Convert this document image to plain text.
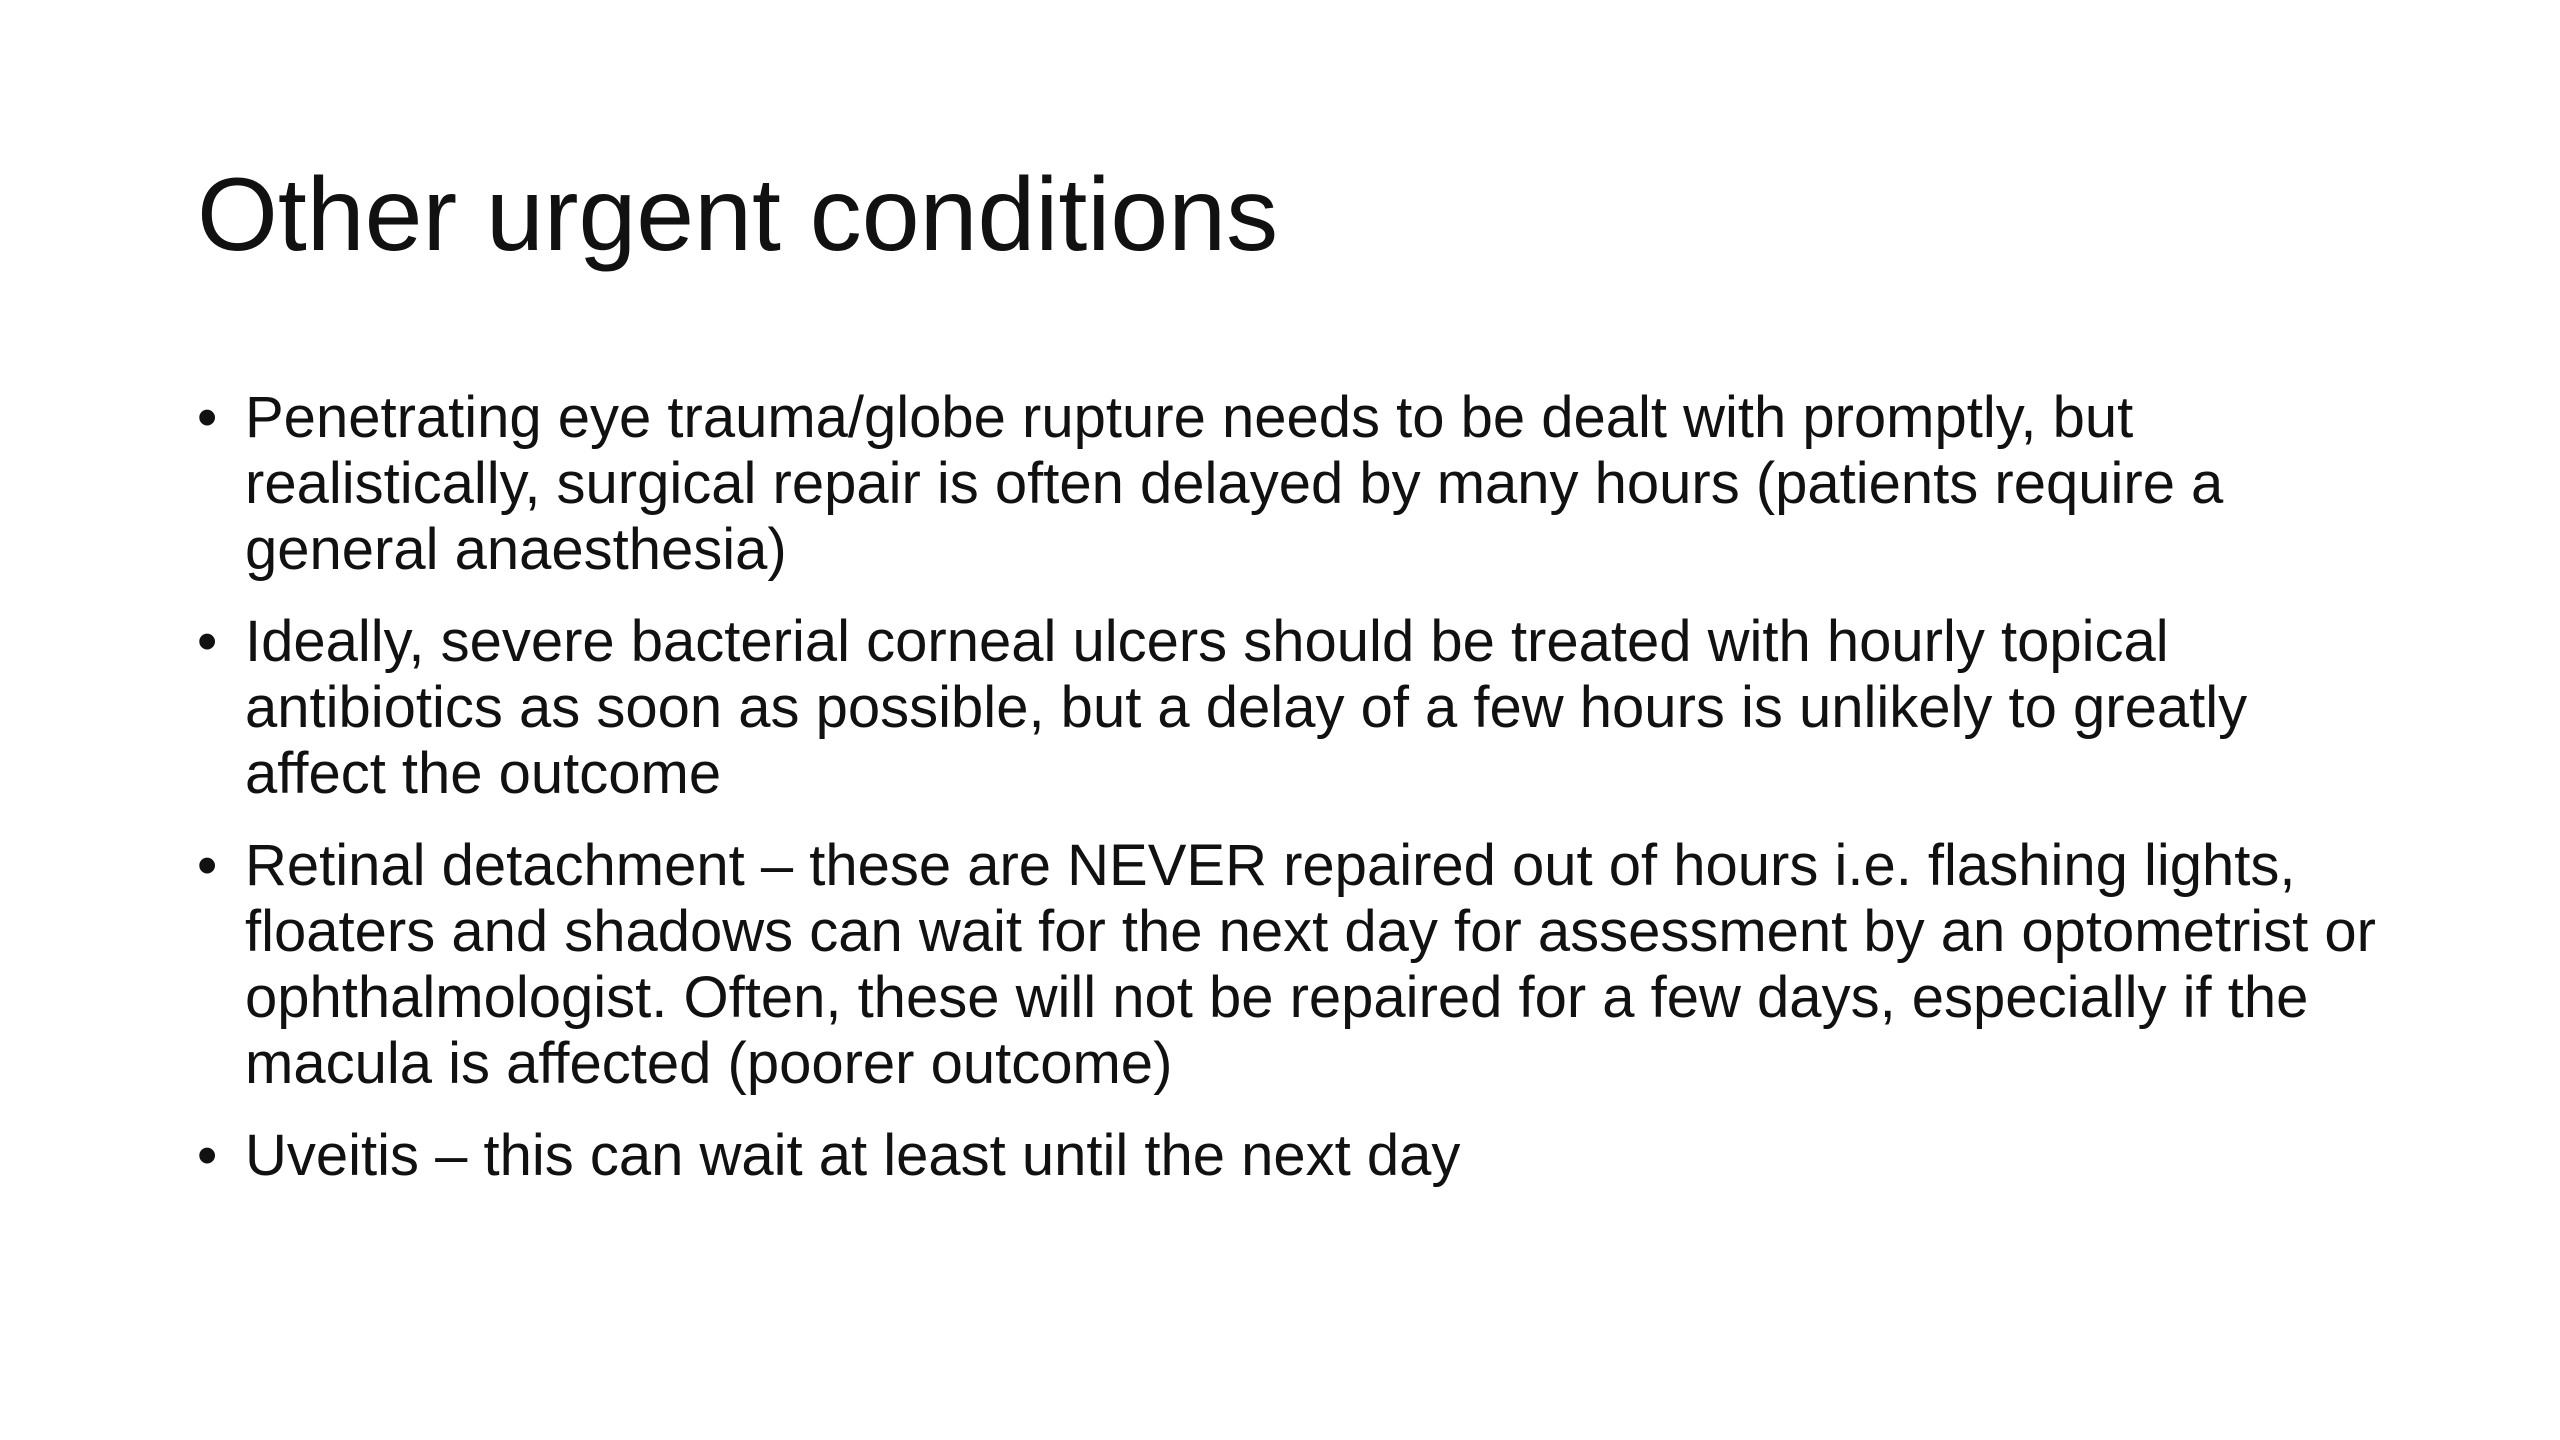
Other urgent conditions
• Penetrating eye trauma/globe rupture needs to be dealt with promptly, but realistically, surgical repair is often delayed by many hours (patients require a general anaesthesia)
• Ideally, severe bacterial corneal ulcers should be treated with hourly topical antibiotics as soon as possible, but a delay of a few hours is unlikely to greatly affect the outcome
• Retinal detachment – these are NEVER repaired out of hours i.e. flashing lights, floaters and shadows can wait for the next day for assessment by an optometrist or ophthalmologist. Often, these will not be repaired for a few days, especially if the macula is affected (poorer outcome)
• Uveitis – this can wait at least until the next day
